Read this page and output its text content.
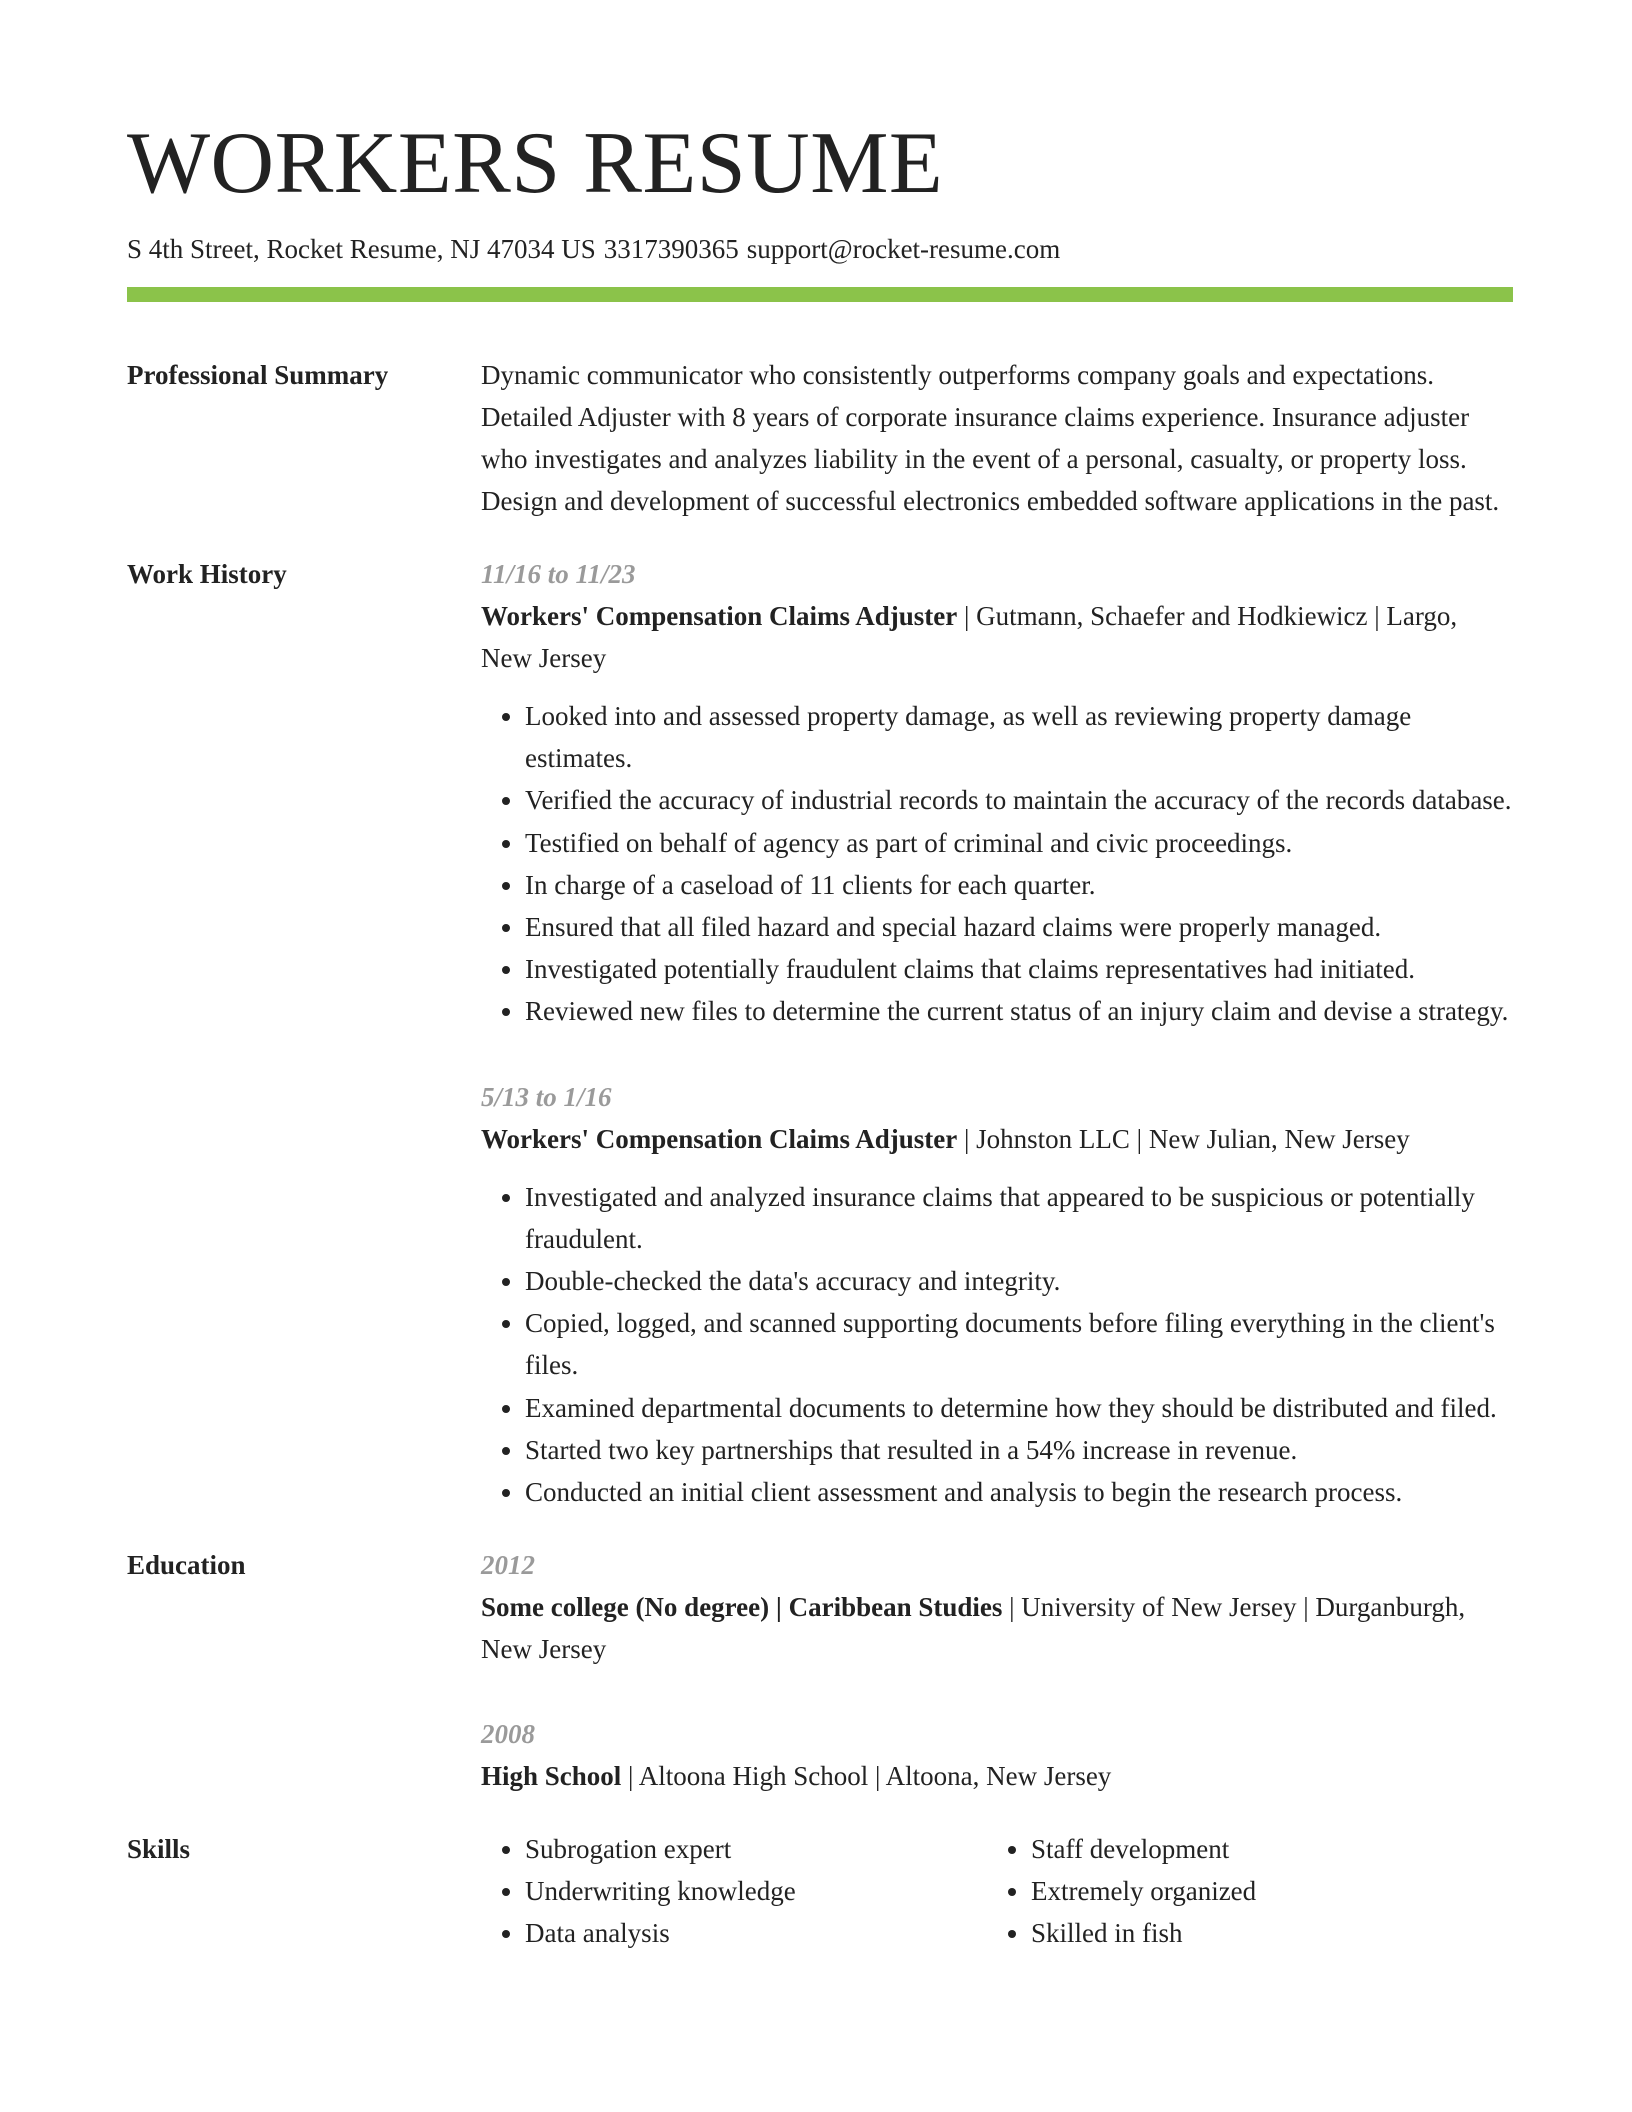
WORKERS RESUME
S 4th Street, Rocket Resume, NJ 47034 US 3317390365 support@rocket-resume.com
Professional Summary	Dynamic communicator who consistently outperforms company goals and expectations. Detailed Adjuster with 8 years of corporate insurance claims experience. Insurance adjuster who investigates and analyzes liability in the event of a personal, casualty, or property loss. Design and development of successful electronics embedded software applications in the past.

Work History	11/16 to 11/23
Workers' Compensation Claims Adjuster | Gutmann, Schaefer and Hodkiewicz | Largo, New Jersey
• Looked into and assessed property damage, as well as reviewing property damage estimates.
• Verified the accuracy of industrial records to maintain the accuracy of the records database.
• Testified on behalf of agency as part of criminal and civic proceedings.
• In charge of a caseload of 11 clients for each quarter.
• Ensured that all filed hazard and special hazard claims were properly managed.
• Investigated potentially fraudulent claims that claims representatives had initiated.
• Reviewed new files to determine the current status of an injury claim and devise a strategy.
5/13 to 1/16
Workers' Compensation Claims Adjuster | Johnston LLC | New Julian, New Jersey
• Investigated and analyzed insurance claims that appeared to be suspicious or potentially fraudulent.
• Double-checked the data's accuracy and integrity.
• Copied, logged, and scanned supporting documents before filing everything in the client's files.
• Examined departmental documents to determine how they should be distributed and filed.
• Started two key partnerships that resulted in a 54% increase in revenue.
• Conducted an initial client assessment and analysis to begin the research process.
Education	2012
Some college (No degree) | Caribbean Studies | University of New Jersey | Durganburgh, New Jersey
2008
High School | Altoona High School | Altoona, New Jersey
Skills
•	Subrogation expert
• Underwriting knowledge
• Data analysis
• Staff development
• Extremely organized
• Skilled in fish
